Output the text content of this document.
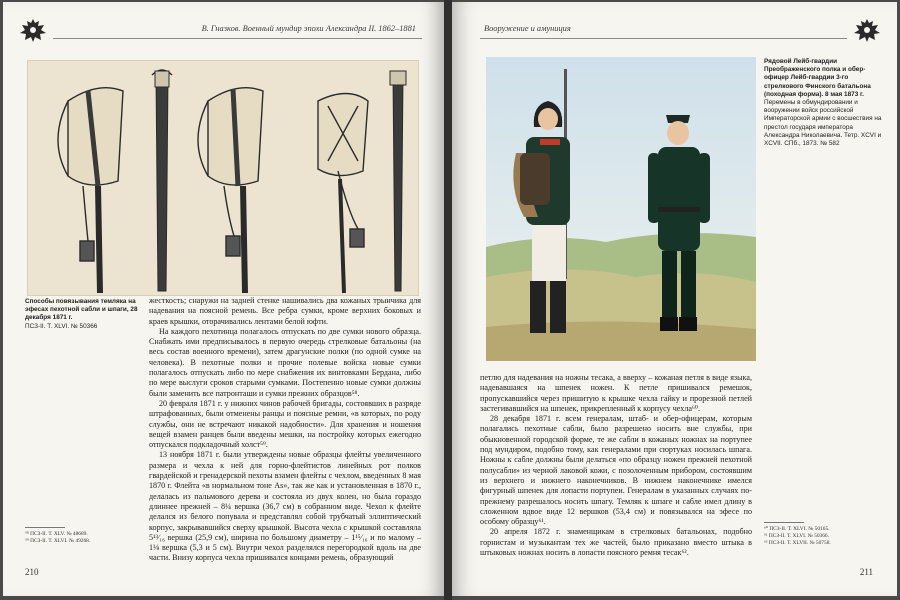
В. Гназков. Военный мундир эпохи Александра II. 1862–1881
Способы повязывания темляка на эфесах пехотной сабли и шпаги, 28 декабря 1871 г.
ПСЗ-II. Т. XLVI. № 50366

жесткость; снаружи на задней стенке нашивались два кожаных трынчика для надевания на поясной ремень. Все ребра сумки, кроме верхних боковых и краев крышки, оторачивались лентами белой юфти.

На каждого пехотинца полагалось отпускать по две сумки нового образца. Снабжать ими предписывалось в первую очередь стрелковые батальоны (на весь состав военного времени), затем драгунские полки (по одной сумке на человека). В пехотные полки и прочие полевые войска новые сумки полагалось отпускать либо по мере снабжения их винтовками Бердана, либо по мере выслуги сроков старыми сумками. Постепенно новые сумки должны были заменить все патронташи и сумки прежних образцов⁵⁸.

20 февраля 1871 г. у нижних чинов рабочей бригады, состоявших в разряде штрафованных, были отменены ранцы и поясные ремни, «в которых, по роду службы, они не встречают никакой надобности». Для хранения и ношения вещей взамен ранцев были введены мешки, на постройку которых ежегодно отпускался подкладочный холст⁵⁹.

13 ноября 1871 г. были утверждены новые образцы флейты увеличенного размера и чехла к ней для горно-флейтистов линейных рот полков гвардейской и гренадерской пехоты взамен флейты с чехлом, введенных 8 мая 1870 г. Флейта «в нормальном тоне As», так же как и установленная в 1870 г., делалась из пальмового дерева и состояла из двух колен, но была гораздо длиннее прежней – 8¼ вершка (36,7 см) в собранном виде. Чехол к флейте делался из белого попувала и представлял собой трубчатый эллиптический корпус, закрывавшийся сверху крышкой. Высота чехла с крышкой составляла 5¹³⁄₁₆ вершка (25,9 см), ширина по большому диаметру – 1¹⁵⁄₁₆ и по малому – 1⅛ вершка (5,3 и 5 см). Внутри чехол разделялся перегородкой вдоль на две части. Внизу корпуса чехла пришивался концами ремень, образующий

⁵⁸ ПСЗ-II. Т. XLV. № 48689.
⁵⁹ ПСЗ-II. Т. XLVI. № 49268.
210
Вооружение и амуниция
Рядовой Лейб-гвардии Преображенского полка и обер-офицер Лейб-гвардии 3-го стрелкового Финского батальона (походная форма). 8 мая 1873 г. Перемены в обмундировании и вооружении войск российской Императорской армии с восшествия на престол государя императора Александра Николаевича. Тетр. XCVI и XCVII. СПб., 1873. № 582

петлю для надевания на ножны тесака, а вверху – кожаная петля в виде языка, надевавшаяся на шпенек ножен. К петле пришивался ремешок, пропускавшийся через пришитую к крышке чехла гайку и прорезной петлей застегивавшийся на шпенек, прикрепленный к корпусу чехла⁶⁰.

28 декабря 1871 г. всем генералам, штаб- и обер-офицерам, которым полагались пехотные сабли, было разрешено носить вне службы, при обыкновенной городской форме, те же сабли в кожаных ножнах на портупее под мундиром, подобно тому, как генералами при сюртуках носилась шпага. Ножны к сабле должны были делаться «по образцу ножен прежней пехотной полусабли» из черной лаковой кожи, с позолоченным прибором, состоявшим из верхнего и нижнего наконечников. В нижнем наконечнике имелся фигурный шпенек для лопасти портупеи. Генералам в указанных случаях по-прежнему разрешалось носить шпагу. Темляк к шпаге и сабле имел длину в сложенном вдвое виде 12 вершков (53,4 см) и повязывался на эфесе по особому образцу⁶¹.

20 апреля 1872 г. знаменщикам в стрелковых батальонах, подобно горнистам и музыкантам тех же частей, было приказано вместо штыка в штыковых ножнах носить в лопасти поясного ремня тесак⁶².

⁶⁰ ПСЗ-II. Т. XLVI. № 50165.
⁶¹ ПСЗ-II. Т. XLVI. № 50366.
⁶² ПСЗ-II. Т. XLVII. № 50758.
211
